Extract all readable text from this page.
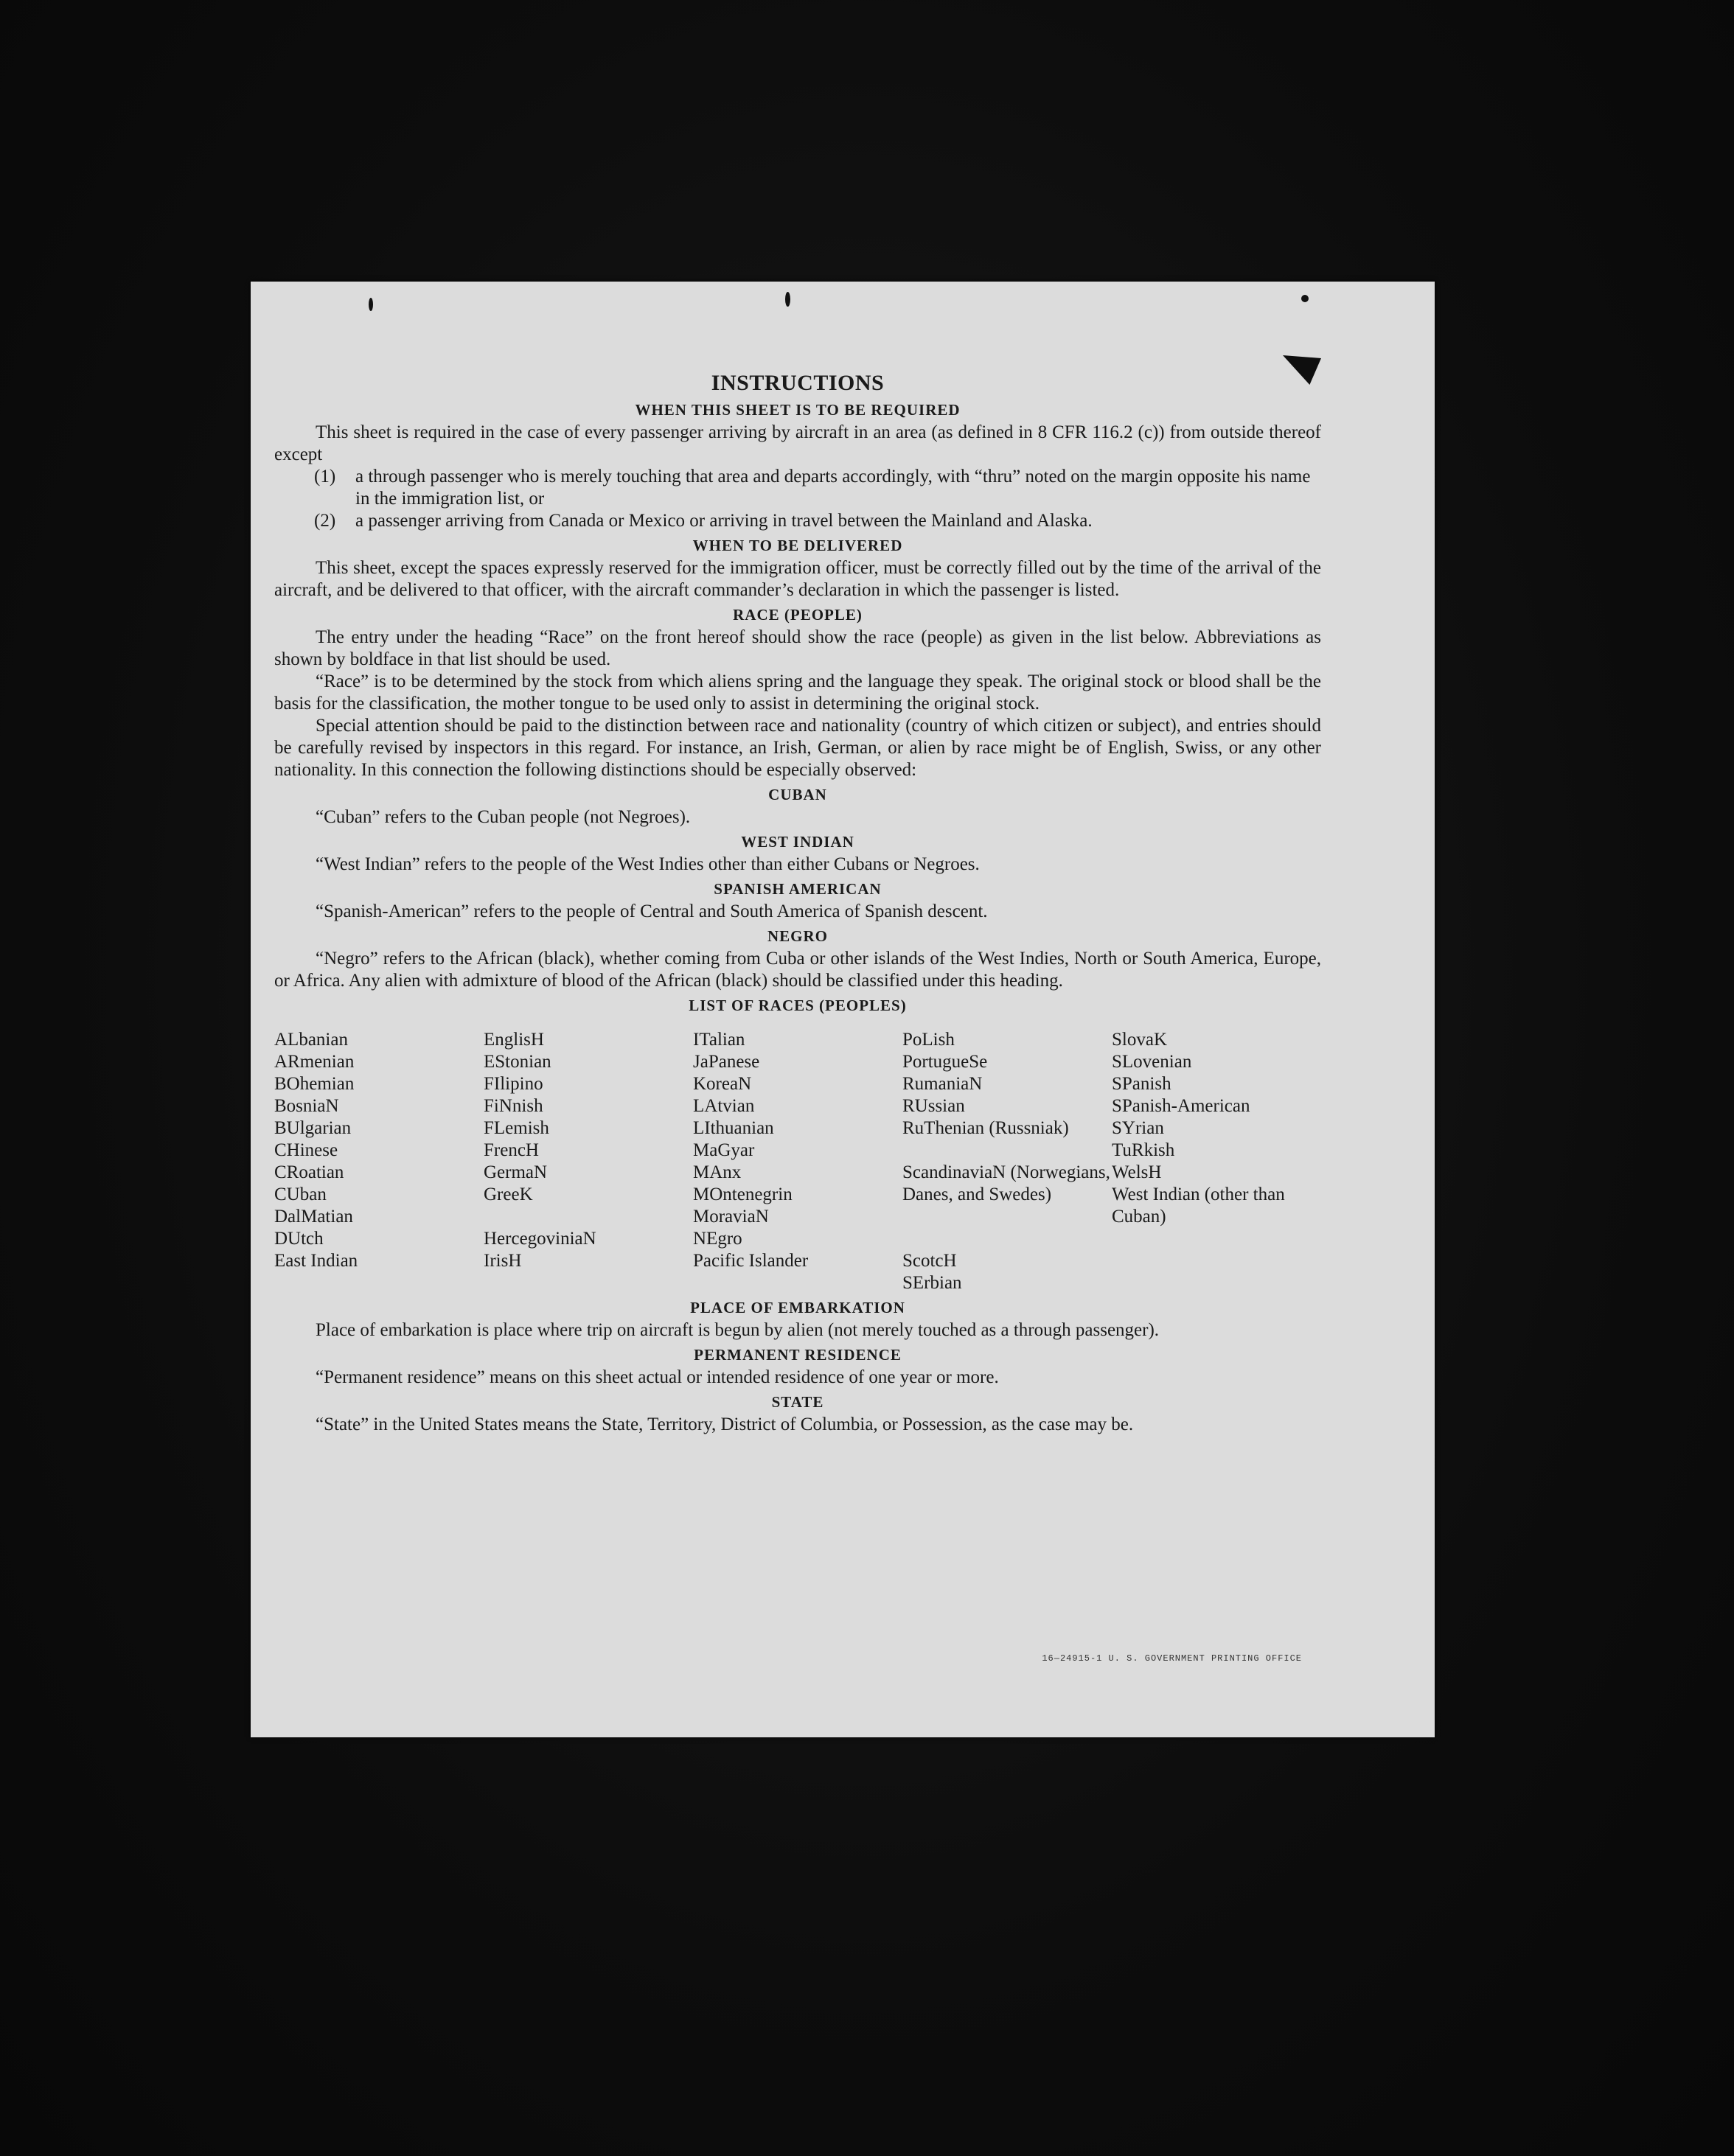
INSTRUCTIONS
WHEN THIS SHEET IS TO BE REQUIRED

This sheet is required in the case of every passenger arriving by aircraft in an area (as defined in 8 CFR 116.2 (c)) from outside thereof except

(1) a through passenger who is merely touching that area and departs accordingly, with “thru” noted on the margin opposite his name in the immigration list, or
(2) a passenger arriving from Canada or Mexico or arriving in travel between the Mainland and Alaska.
WHEN TO BE DELIVERED

This sheet, except the spaces expressly reserved for the immigration officer, must be correctly filled out by the time of the arrival of the aircraft, and be delivered to that officer, with the aircraft commander’s declaration in which the passenger is listed.

RACE (PEOPLE)

The entry under the heading “Race” on the front hereof should show the race (people) as given in the list below. Abbreviations as shown by boldface in that list should be used.

“Race” is to be determined by the stock from which aliens spring and the language they speak. The original stock or blood shall be the basis for the classification, the mother tongue to be used only to assist in determining the original stock.

Special attention should be paid to the distinction between race and nationality (country of which citizen or subject), and entries should be carefully revised by inspectors in this regard. For instance, an Irish, German, or alien by race might be of English, Swiss, or any other nationality. In this connection the following distinctions should be especially observed:

CUBAN

“Cuban” refers to the Cuban people (not Negroes).

WEST INDIAN

“West Indian” refers to the people of the West Indies other than either Cubans or Negroes.

SPANISH AMERICAN

“Spanish-American” refers to the people of Central and South America of Spanish descent.

NEGRO

“Negro” refers to the African (black), whether coming from Cuba or other islands of the West Indies, North or South America, Europe, or Africa. Any alien with admixture of blood of the African (black) should be classified under this heading.

LIST OF RACES (PEOPLES)
ALbanian
ARmenian
BOhemian
BosniaN
BUlgarian
CHinese
CRoatian
CUban
DalMatian
DUtch
East Indian
EnglisH
EStonian
FIlipino
FiNnish
FLemish
FrencH
GermaN
GreeK

HercegoviniaN
IrisH
ITalian
JaPanese
KoreaN
LAtvian
LIthuanian
MaGyar
MAnx
MOntenegrin
MoraviaN
NEgro
Pacific Islander
PoLish
PortugueSe
RumaniaN
RUssian
RuThenian (Russniak)

ScandinaviaN (Norwegians, Danes, and Swedes)

ScotcH
SErbian
SlovaK
SLovenian
SPanish
SPanish-American
SYrian
TuRkish
WelsH
West Indian (other than Cuban)

PLACE OF EMBARKATION

Place of embarkation is place where trip on aircraft is begun by alien (not merely touched as a through passenger).

PERMANENT RESIDENCE

“Permanent residence” means on this sheet actual or intended residence of one year or more.

STATE

“State” in the United States means the State, Territory, District of Columbia, or Possession, as the case may be.

16—24915-1 U. S. GOVERNMENT PRINTING OFFICE
